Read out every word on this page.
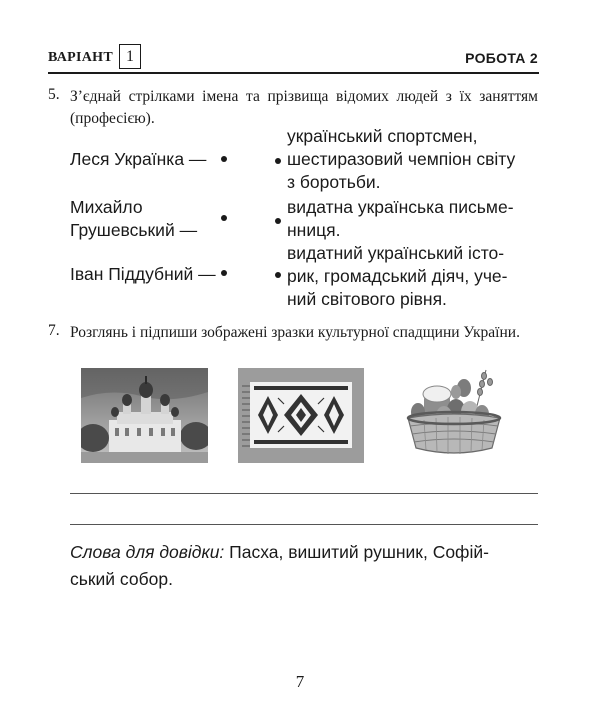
ВАРІАНТ 1	РОБОТА 2
5. З’єднай стрілками імена та прізвища відомих людей з їх заняттям (професією).
Леся Українка —
Михайло
Грушевський —
Іван Піддубний —
український спортсмен,
шестиразовий чемпіон світу
з боротьби.
видатна українська письме-
нниця.
видатний український істо-
рик, громадський діяч, уче-
ний світового рівня.
7. Розглянь і підпиши зображені зразки культурної спадщини України.
Слова для довідки: Пасха, вишитий рушник, Софій-
ський собор.
7
